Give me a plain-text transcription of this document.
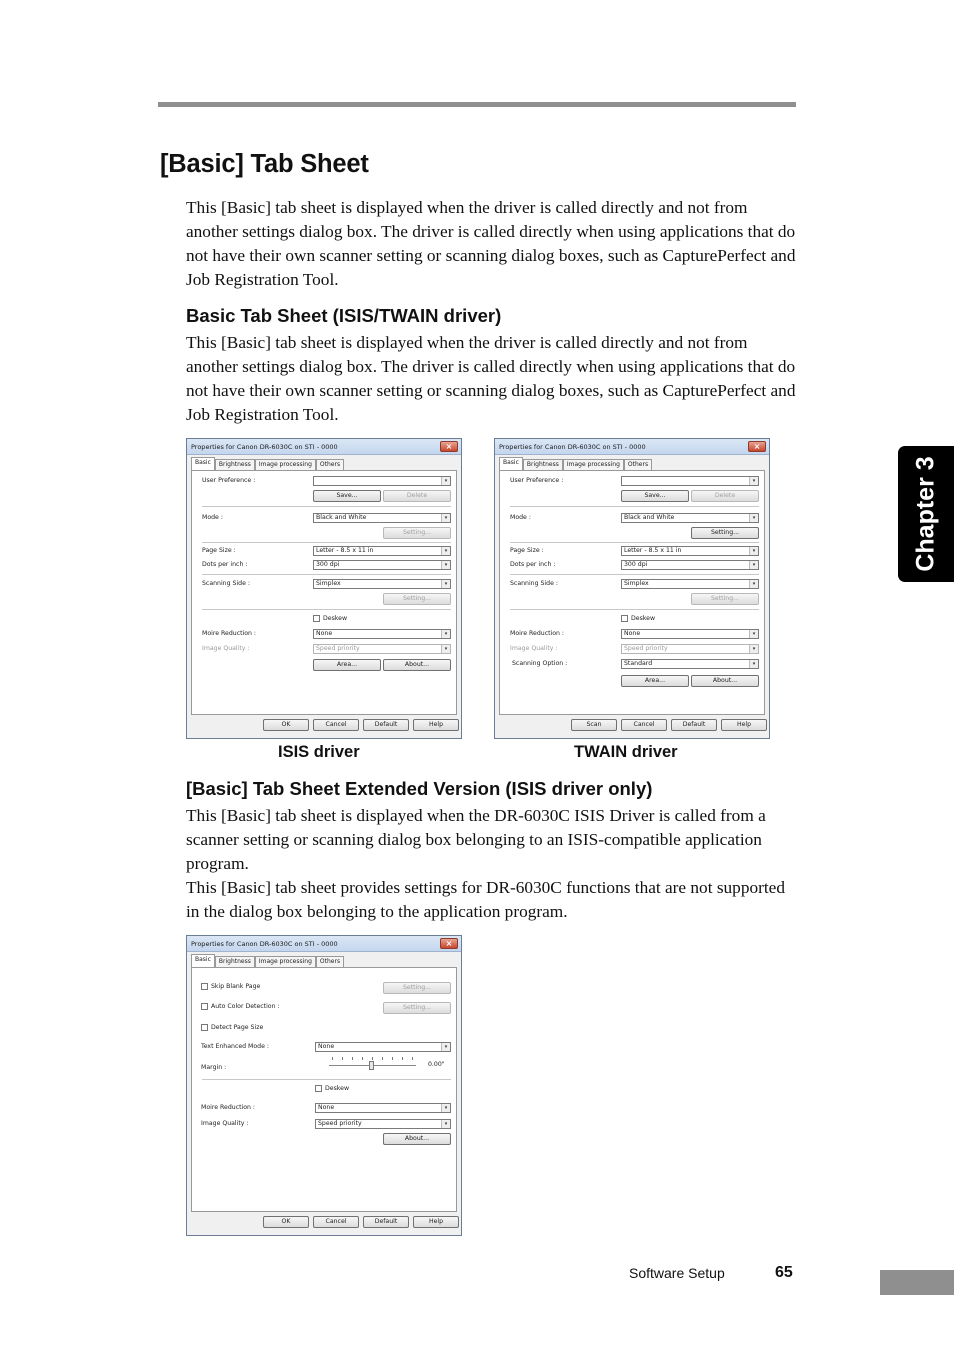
[Basic] Tab Sheet
This [Basic] tab sheet is displayed when the driver is called directly and not from another settings dialog box. The driver is called directly when using applications that do not have their own scanner setting or scanning dialog boxes, such as CapturePerfect and Job Registration Tool.
Basic Tab Sheet (ISIS/TWAIN driver)
This [Basic] tab sheet is displayed when the driver is called directly and not from another settings dialog box. The driver is called directly when using applications that do not have their own scanner setting or scanning dialog boxes, such as CapturePerfect and Job Registration Tool.
Properties for Canon DR-6030C on STI - 0000	×
Basic	Brightness	Image processing	Others
User Preference :	▾
Save...	Delete
Mode :	Black and White	▾
Setting...
Page Size :	Letter - 8.5 x 11 in	▾
Dots per inch :	300 dpi	▾
Scanning Side :	Simplex	▾
Setting...
Deskew
Moire Reduction :	None	▾
Image Quality :	Speed priority	▾
Area...	About...
OK	Cancel	Default	Help
Properties for Canon DR-6030C on STI - 0000	×
Basic	Brightness	Image processing	Others
User Preference :	▾
Save...	Delete
Mode :	Black and White	▾
Setting...
Page Size :	Letter - 8.5 x 11 in	▾
Dots per inch :	300 dpi	▾
Scanning Side :	Simplex	▾
Setting...
Deskew
Moire Reduction :	None	▾
Image Quality :	Speed priority	▾
Scanning Option :	Standard	▾
Area...	About...
Scan	Cancel	Default	Help
ISIS driver	TWAIN driver
[Basic] Tab Sheet Extended Version (ISIS driver only)

This [Basic] tab sheet is displayed when the DR-6030C ISIS Driver is called from a scanner setting or scanning dialog box belonging to an ISIS-compatible application program.

This [Basic] tab sheet provides settings for DR-6030C functions that are not supported in the dialog box belonging to the application program.

Properties for Canon DR-6030C on STI - 0000	×
Basic	Brightness	Image processing	Others
Skip Blank Page	Setting...
Auto Color Detection :	Setting...
Detect Page Size
Text Enhanced Mode :	None	▾
Margin :	0.00"
Deskew
Moire Reduction :	None	▾
Image Quality :	Speed priority	▾
About...
OK	Cancel	Default	Help
Chapter 3
Software Setup	65
